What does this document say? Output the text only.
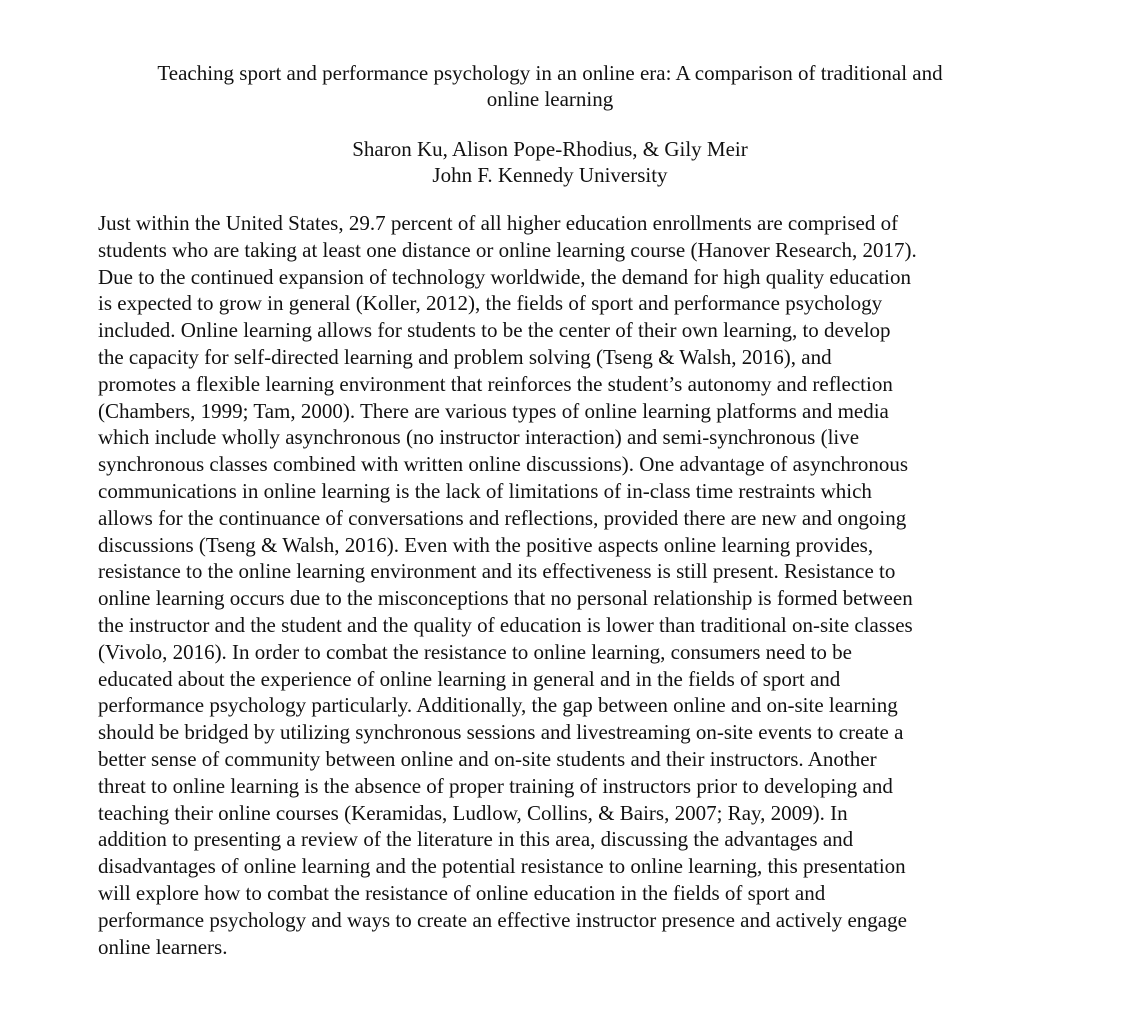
Teaching sport and performance psychology in an online era: A comparison of traditional and
online learning
Sharon Ku, Alison Pope-Rhodius, & Gily Meir
John F. Kennedy University
Just within the United States, 29.7 percent of all higher education enrollments are comprised of
students who are taking at least one distance or online learning course (Hanover Research, 2017).
Due to the continued expansion of technology worldwide, the demand for high quality education
is expected to grow in general (Koller, 2012), the fields of sport and performance psychology
included. Online learning allows for students to be the center of their own learning, to develop
the capacity for self-directed learning and problem solving (Tseng & Walsh, 2016), and
promotes a flexible learning environment that reinforces the student’s autonomy and reflection
(Chambers, 1999; Tam, 2000). There are various types of online learning platforms and media
which include wholly asynchronous (no instructor interaction) and semi-synchronous (live
synchronous classes combined with written online discussions). One advantage of asynchronous
communications in online learning is the lack of limitations of in-class time restraints which
allows for the continuance of conversations and reflections, provided there are new and ongoing
discussions (Tseng & Walsh, 2016). Even with the positive aspects online learning provides,
resistance to the online learning environment and its effectiveness is still present. Resistance to
online learning occurs due to the misconceptions that no personal relationship is formed between
the instructor and the student and the quality of education is lower than traditional on-site classes
(Vivolo, 2016). In order to combat the resistance to online learning, consumers need to be
educated about the experience of online learning in general and in the fields of sport and
performance psychology particularly. Additionally, the gap between online and on-site learning
should be bridged by utilizing synchronous sessions and livestreaming on-site events to create a
better sense of community between online and on-site students and their instructors. Another
threat to online learning is the absence of proper training of instructors prior to developing and
teaching their online courses (Keramidas, Ludlow, Collins, & Bairs, 2007; Ray, 2009). In
addition to presenting a review of the literature in this area, discussing the advantages and
disadvantages of online learning and the potential resistance to online learning, this presentation
will explore how to combat the resistance of online education in the fields of sport and
performance psychology and ways to create an effective instructor presence and actively engage
online learners.
